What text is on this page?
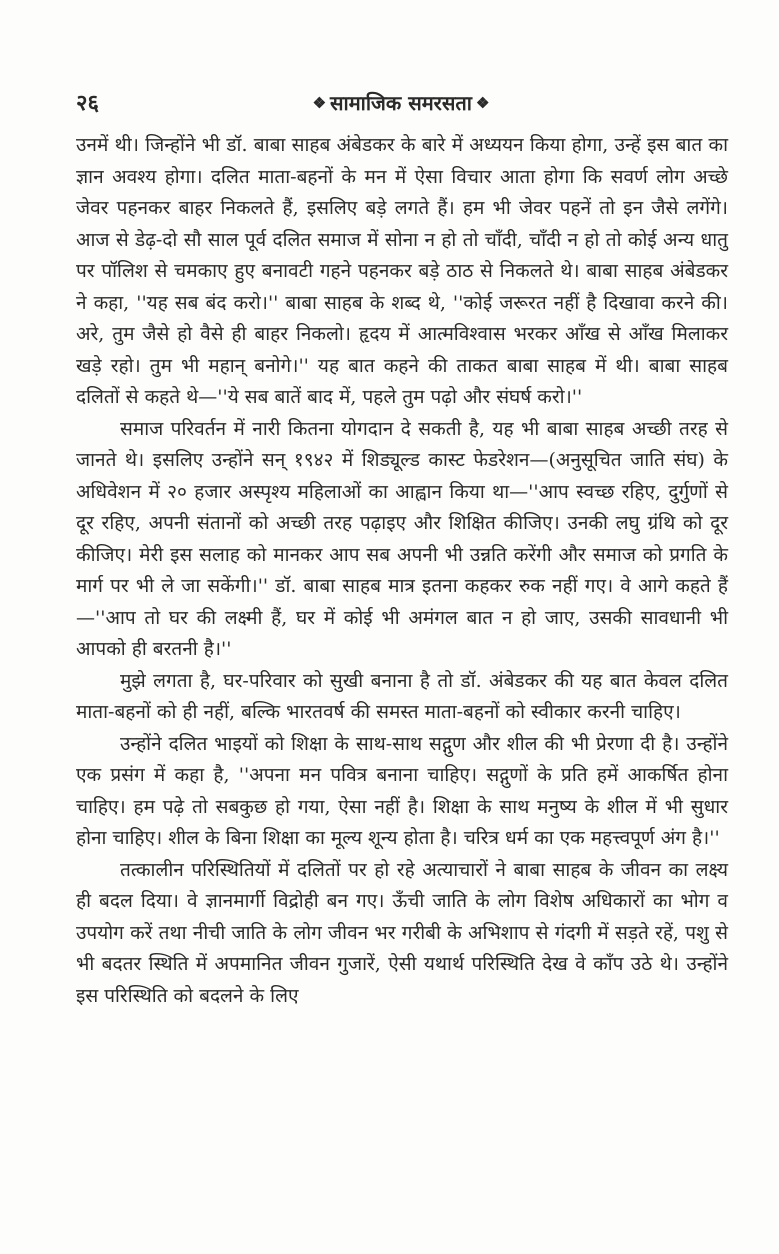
२६	❖ सामाजिक समरसता ❖

उनमें थी। जिन्होंने भी डॉ. बाबा साहब अंबेडकर के बारे में अध्ययन किया होगा, उन्हें इस बात का ज्ञान अवश्य होगा। दलित माता-बहनों के मन में ऐसा विचार आता होगा कि सवर्ण लोग अच्छे जेवर पहनकर बाहर निकलते हैं, इसलिए बड़े लगते हैं। हम भी जेवर पहनें तो इन जैसे लगेंगे। आज से डेढ़-दो सौ साल पूर्व दलित समाज में सोना न हो तो चाँदी, चाँदी न हो तो कोई अन्य धातु पर पॉलिश से चमकाए हुए बनावटी गहने पहनकर बड़े ठाठ से निकलते थे। बाबा साहब अंबेडकर ने कहा, ''यह सब बंद करो।'' बाबा साहब के शब्द थे, ''कोई जरूरत नहीं है दिखावा करने की। अरे, तुम जैसे हो वैसे ही बाहर निकलो। हृदय में आत्मविश्वास भरकर आँख से आँख मिलाकर खड़े रहो। तुम भी महान् बनोगे।'' यह बात कहने की ताकत बाबा साहब में थी। बाबा साहब दलितों से कहते थे—''ये सब बातें बाद में, पहले तुम पढ़ो और संघर्ष करो।''

समाज परिवर्तन में नारी कितना योगदान दे सकती है, यह भी बाबा साहब अच्छी तरह से जानते थे। इसलिए उन्होंने सन् १९४२ में शिड्यूल्ड कास्ट फेडरेशन—(अनुसूचित जाति संघ) के अधिवेशन में २० हजार अस्पृश्य महिलाओं का आह्वान किया था—''आप स्वच्छ रहिए, दुर्गुणों से दूर रहिए, अपनी संतानों को अच्छी तरह पढ़ाइए और शिक्षित कीजिए। उनकी लघु ग्रंथि को दूर कीजिए। मेरी इस सलाह को मानकर आप सब अपनी भी उन्नति करेंगी और समाज को प्रगति के मार्ग पर भी ले जा सकेंगी।'' डॉ. बाबा साहब मात्र इतना कहकर रुक नहीं गए। वे आगे कहते हैं—''आप तो घर की लक्ष्मी हैं, घर में कोई भी अमंगल बात न हो जाए, उसकी सावधानी भी आपको ही बरतनी है।''

मुझे लगता है, घर-परिवार को सुखी बनाना है तो डॉ. अंबेडकर की यह बात केवल दलित माता-बहनों को ही नहीं, बल्कि भारतवर्ष की समस्त माता-बहनों को स्वीकार करनी चाहिए।

उन्होंने दलित भाइयों को शिक्षा के साथ-साथ सद्गुण और शील की भी प्रेरणा दी है। उन्होंने एक प्रसंग में कहा है, ''अपना मन पवित्र बनाना चाहिए। सद्गुणों के प्रति हमें आकर्षित होना चाहिए। हम पढ़े तो सबकुछ हो गया, ऐसा नहीं है। शिक्षा के साथ मनुष्य के शील में भी सुधार होना चाहिए। शील के बिना शिक्षा का मूल्य शून्य होता है। चरित्र धर्म का एक महत्त्वपूर्ण अंग है।''

तत्कालीन परिस्थितियों में दलितों पर हो रहे अत्याचारों ने बाबा साहब के जीवन का लक्ष्य ही बदल दिया। वे ज्ञानमार्गी विद्रोही बन गए। ऊँची जाति के लोग विशेष अधिकारों का भोग व उपयोग करें तथा नीची जाति के लोग जीवन भर गरीबी के अभिशाप से गंदगी में सड़ते रहें, पशु से भी बदतर स्थिति में अपमानित जीवन गुजारें, ऐसी यथार्थ परिस्थिति देख वे काँप उठे थे। उन्होंने इस परिस्थिति को बदलने के लिए
